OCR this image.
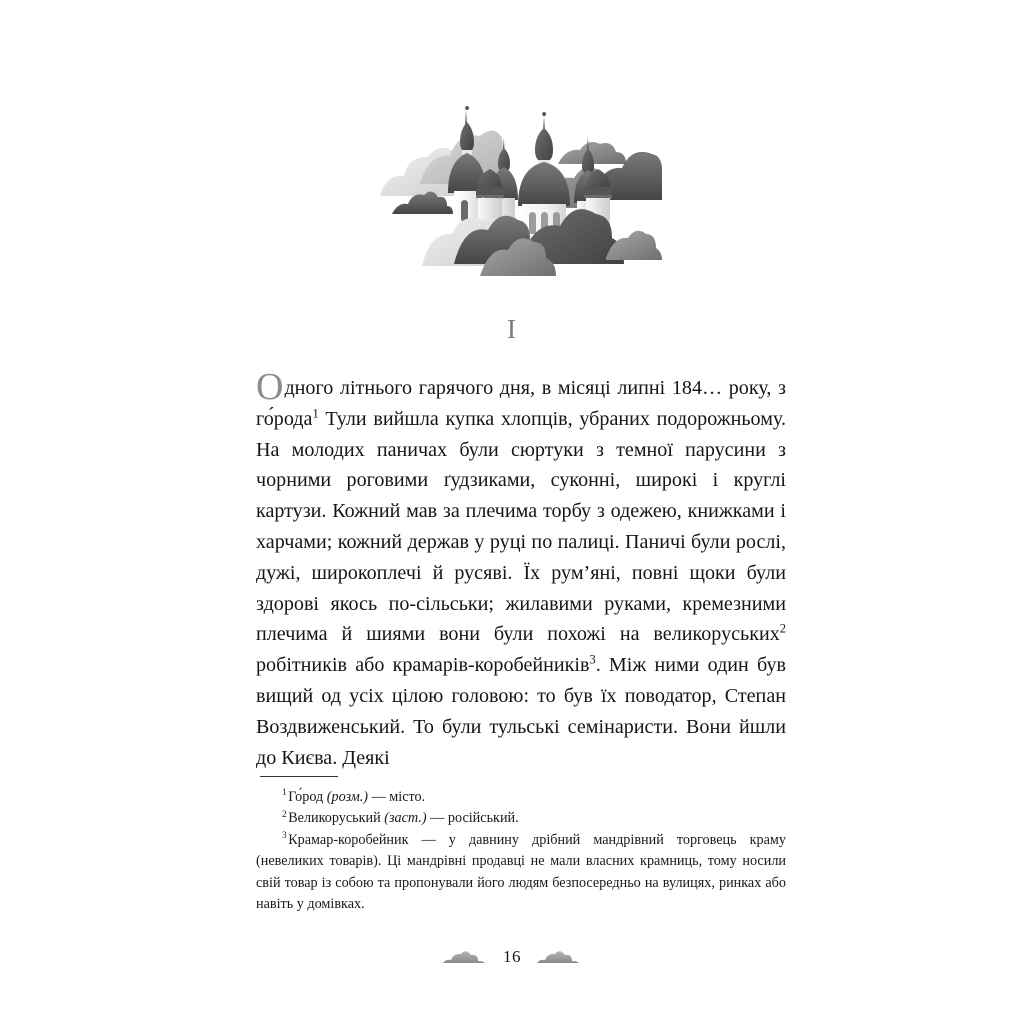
I

Одного літнього гарячого дня, в місяці липні 184… року, з го́рода$^1$ Тули вийшла купка хлопців, убраних подорожньому. На молодих паничах були сюртуки з темної парусини з чорними роговими ґудзиками, суконні, широкі і круглі картузи. Кожний мав за плечима торбу з одежею, книжками і харчами; кожний держав у руці по палиці. Паничі були рослі, дужі, широкоплечі й русяві. Їх рум’яні, повні щоки були здорові якось по-сільськи; жилавими руками, кремезними плечима й шиями вони були похожі на великоруських$^2$ робітників або крамарів-коробейників$^3$. Між ними один був вищий од усіх цілою головою: то був їх поводатор, Степан Воздвиженський. То були тульські семінаристи. Вони йшли до Києва. Деякі

$^1$ Го́род (розм.) — місто.

$^2$ Великоруський (заст.) — російський.

$^3$ Крамар-коробейник — у давнину дрібний мандрівний торговець краму (невеликих товарів). Ці мандрівні продавці не мали власних крамниць, тому носили свій товар із собою та пропонували його людям безпосередньо на вулицях, ринках або навіть у домівках.

16
